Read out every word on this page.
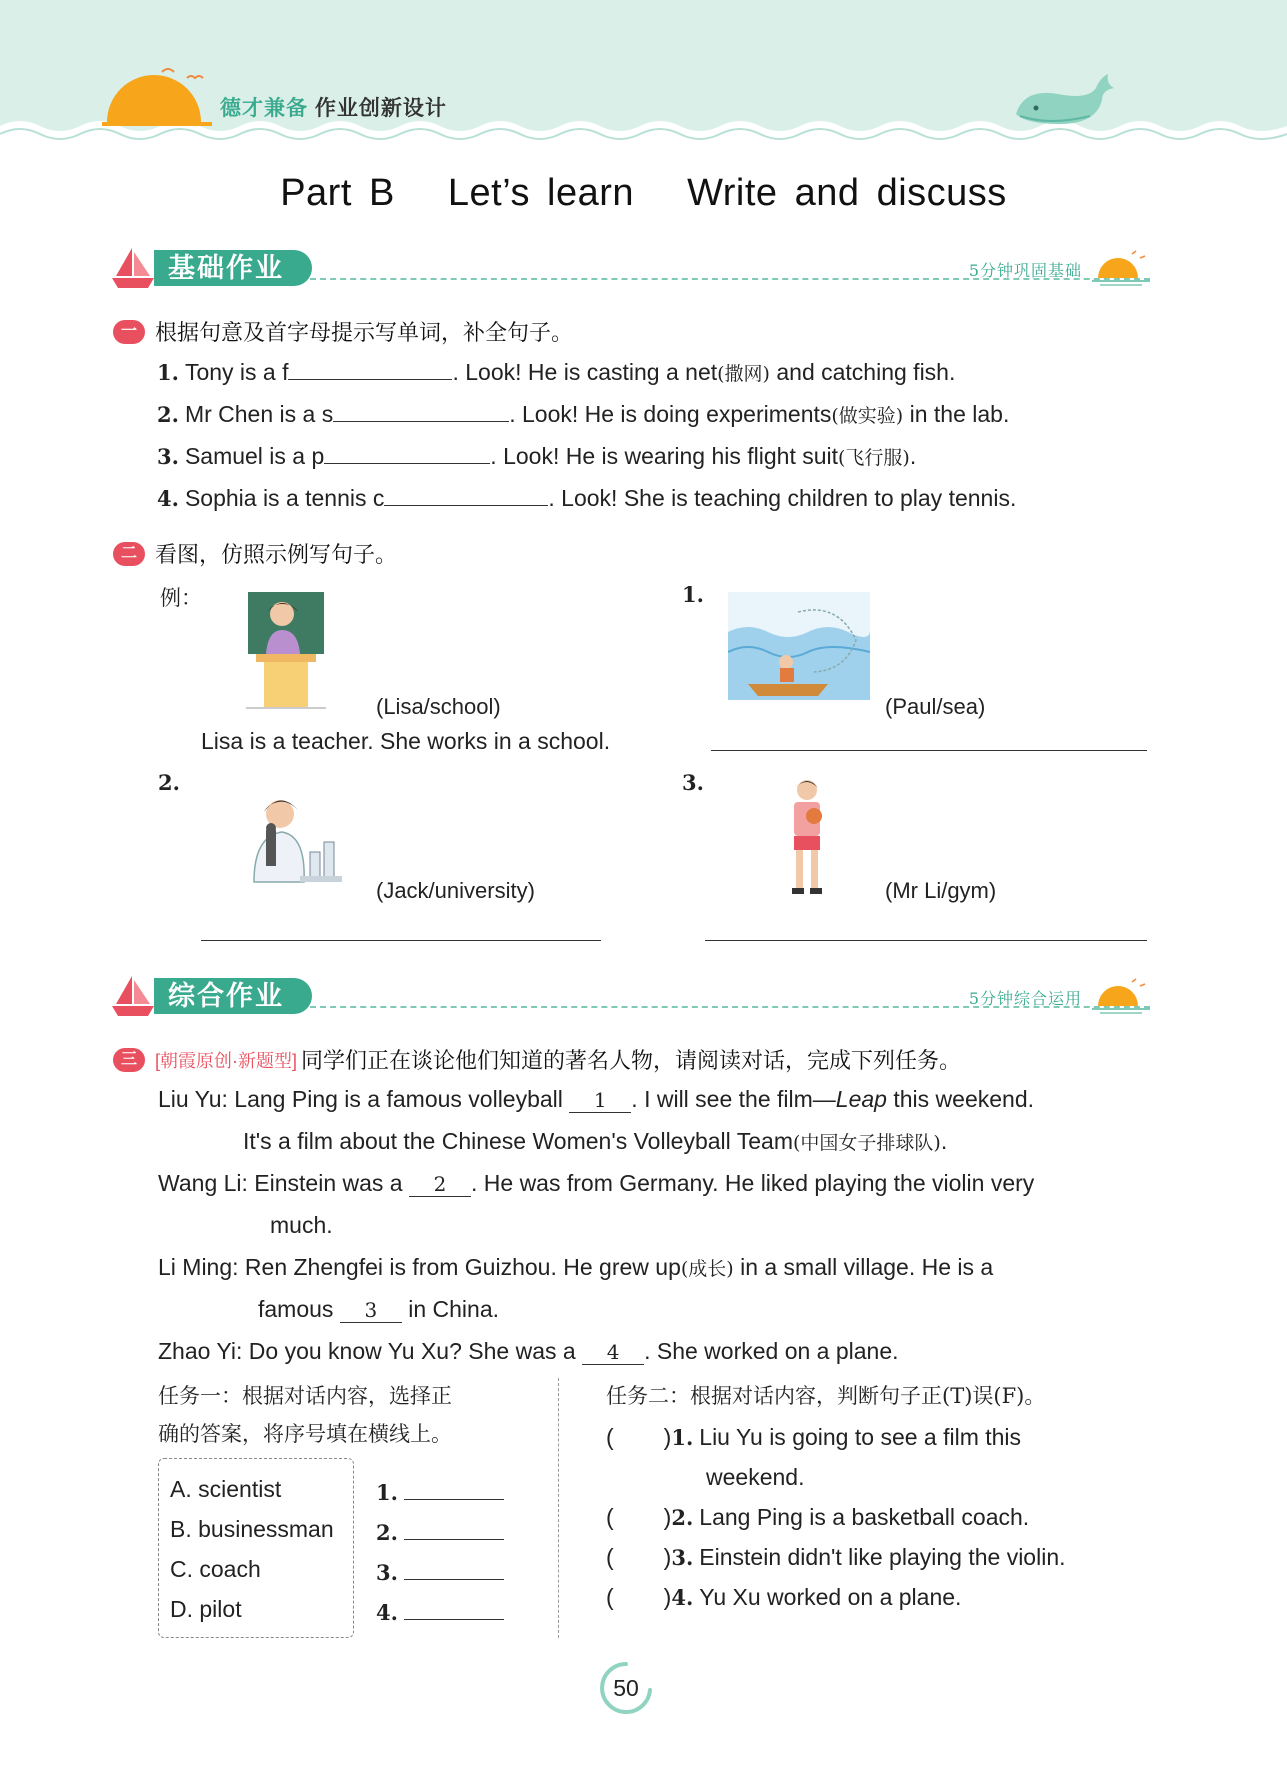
德才兼备 作业创新设计
Part B Let’s learn Write and discuss
基础作业	5分钟巩固基础
一 根据句意及首字母提示写单词，补全句子。
1. Tony is a f	. Look! He is casting a net(撒网) and catching fish.
2. Mr Chen is a s	. Look! He is doing experiments(做实验) in the lab.
3. Samuel is a p	. Look! He is wearing his flight suit(飞行服).
4. Sophia is a tennis c	. Look! She is teaching children to play tennis.
二 看图，仿照示例写句子。
例：
(Lisa/school)
Lisa is a teacher. She works in a school.
1.
(Paul/sea)
2.
(Jack/university)
3.
(Mr Li/gym)
综合作业	5分钟综合运用
三	[朝霞原创·新题型] 同学们正在谈论他们知道的著名人物，请阅读对话，完成下列任务。
Liu Yu: Lang Ping is a famous volleyball 1 . I will see the film—Leap this weekend.
It's a film about the Chinese Women's Volleyball Team(中国女子排球队).
Wang Li: Einstein was a 2 . He was from Germany. He liked playing the violin very
much.
Li Ming: Ren Zhengfei is from Guizhou. He grew up(成长) in a small village. He is a
famous 3 in China.
Zhao Yi: Do you know Yu Xu? She was a 4 . She worked on a plane.
任务一：根据对话内容，选择正
确的答案，将序号填在横线上。
A. scientist
B. businessman
C. coach
D. pilot
1.
2.
3.
4.
任务二：根据对话内容，判断句子正(T)误(F)。
( )1. Liu Yu is going to see a film this
weekend.
( )2. Lang Ping is a basketball coach.
( )3. Einstein didn't like playing the violin.
( )4. Yu Xu worked on a plane.
50
